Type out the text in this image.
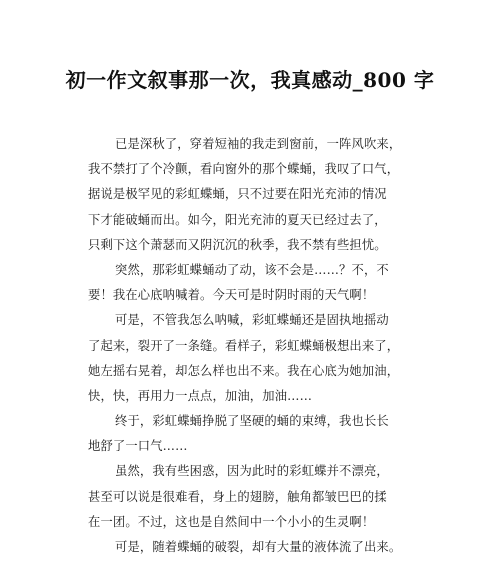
初一作文叙事那一次，我真感动_800 字
已是深秋了，穿着短袖的我走到窗前，一阵风吹来，
我不禁打了个冷颤，看向窗外的那个蝶蛹，我叹了口气，
据说是极罕见的彩虹蝶蛹，只不过要在阳光充沛的情况
下才能破蛹而出。如今，阳光充沛的夏天已经过去了，
只剩下这个萧瑟而又阴沉沉的秋季，我不禁有些担忧。
突然，那彩虹蝶蛹动了动，该不会是……？不，不
要！我在心底呐喊着。今天可是时阴时雨的天气啊！
可是，不管我怎么呐喊，彩虹蝶蛹还是固执地摇动
了起来，裂开了一条缝。看样子，彩虹蝶蛹极想出来了，
她左摇右晃着，却怎么样也出不来。我在心底为她加油，
快，快，再用力一点点，加油，加油……
终于，彩虹蝶蛹挣脱了坚硬的蛹的束缚，我也长长
地舒了一口气……
虽然，我有些困惑，因为此时的彩虹蝶并不漂亮，
甚至可以说是很难看，身上的翅膀，触角都皱巴巴的揉
在一团。不过，这也是自然间中一个小小的生灵啊！
可是，随着蝶蛹的破裂，却有大量的液体流了出来。
